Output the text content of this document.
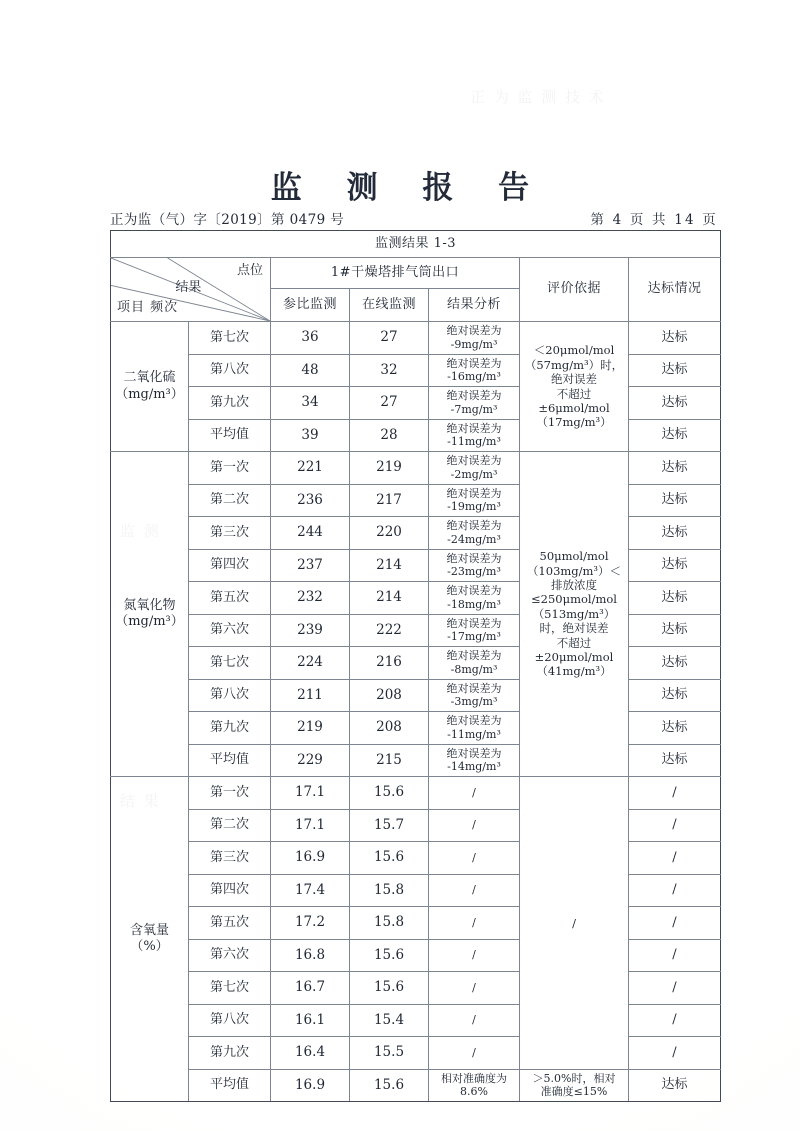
正 为 监 测 技 术
监 测
结 果
监 测 报 告
正为监（气）字〔2019〕第 0479 号	第 4 页 共 14 页
监测结果 1-3						

点位
结果
项目 频次		1#干燥塔排气筒出口			评价依据	达标情况
		参比监测	在线监测	结果分析		
二氧化硫
（mg/m³）	第七次	36	27	绝对误差为
-9mg/m³	＜20μmol/mol
（57mg/m³）时，
绝对误差
不超过
±6μmol/mol
（17mg/m³）	达标
	第八次	48	32	绝对误差为
-16mg/m³		达标
	第九次	34	27	绝对误差为
-7mg/m³		达标
	平均值	39	28	绝对误差为
-11mg/m³		达标
氮氧化物
（mg/m³）	第一次	221	219	绝对误差为
-2mg/m³	50μmol/mol
（103mg/m³）＜
排放浓度
≤250μmol/mol
（513mg/m³）
时，绝对误差
不超过
±20μmol/mol
（41mg/m³）	达标
	第二次	236	217	绝对误差为
-19mg/m³		达标
	第三次	244	220	绝对误差为
-24mg/m³		达标
	第四次	237	214	绝对误差为
-23mg/m³		达标
	第五次	232	214	绝对误差为
-18mg/m³		达标
	第六次	239	222	绝对误差为
-17mg/m³		达标
	第七次	224	216	绝对误差为
-8mg/m³		达标
	第八次	211	208	绝对误差为
-3mg/m³		达标
	第九次	219	208	绝对误差为
-11mg/m³		达标
	平均值	229	215	绝对误差为
-14mg/m³		达标
含氧量
（%）	第一次	17.1	15.6	/	/	/
	第二次	17.1	15.7	/		/
	第三次	16.9	15.6	/		/
	第四次	17.4	15.8	/		/
	第五次	17.2	15.8	/		/
	第六次	16.8	15.6	/		/
	第七次	16.7	15.6	/		/
	第八次	16.1	15.4	/		/
	第九次	16.4	15.5	/		/
	平均值	16.9	15.6	相对准确度为
8.6%	＞5.0%时，相对
准确度≤15%	达标
